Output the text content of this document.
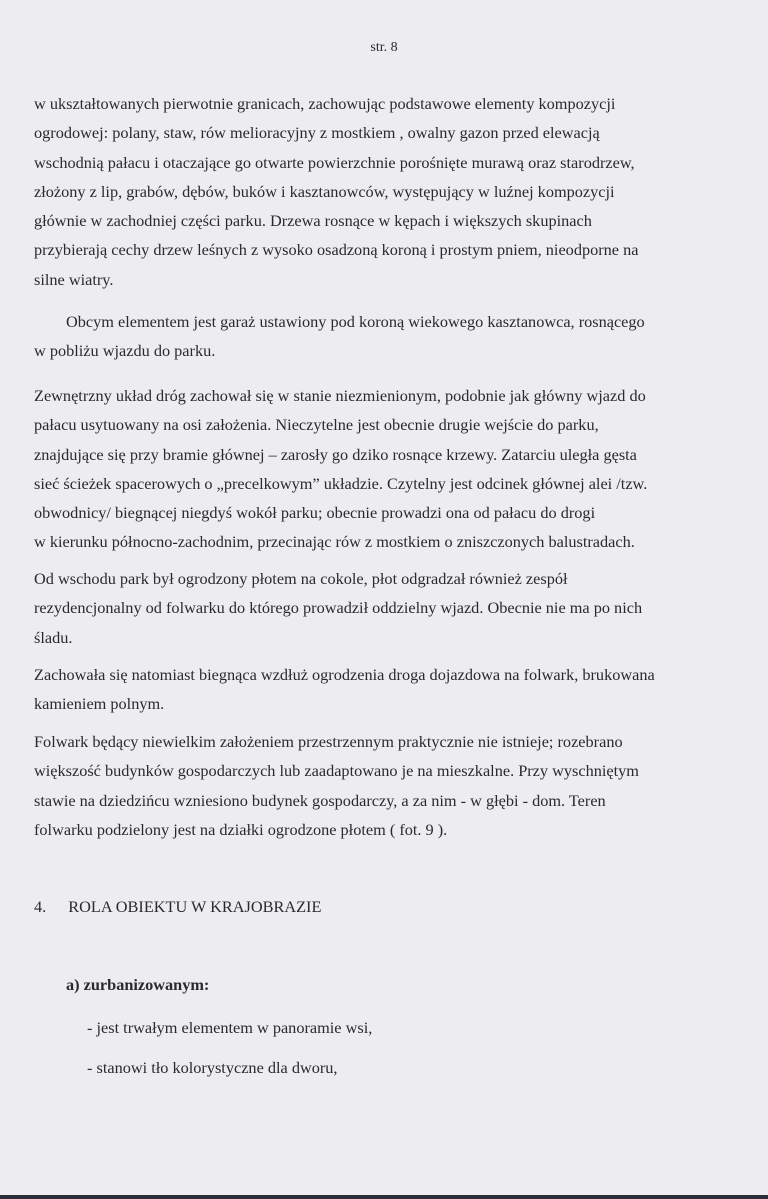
str. 8
w ukształtowanych pierwotnie granicach, zachowując podstawowe elementy kompozycji
ogrodowej: polany, staw, rów melioracyjny z mostkiem , owalny gazon przed elewacją
wschodnią pałacu i otaczające go otwarte powierzchnie porośnięte murawą oraz starodrzew,
złożony z lip, grabów, dębów, buków i kasztanowców, występujący w luźnej kompozycji
głównie w zachodniej części parku. Drzewa rosnące w kępach i większych skupinach
przybierają cechy drzew leśnych z wysoko osadzoną koroną i prostym pniem, nieodporne na
silne wiatry.
Obcym elementem jest garaż ustawiony pod koroną wiekowego kasztanowca, rosnącego
w pobliżu wjazdu do parku.
Zewnętrzny układ dróg zachował się w stanie niezmienionym, podobnie jak główny wjazd do
pałacu usytuowany na osi założenia. Nieczytelne jest obecnie drugie wejście do parku,
znajdujące się przy bramie głównej – zarosły go dziko rosnące krzewy. Zatarciu uległa gęsta
sieć ścieżek spacerowych o „precelkowym” układzie. Czytelny jest odcinek głównej alei /tzw.
obwodnicy/ biegnącej niegdyś wokół parku; obecnie prowadzi ona od pałacu do drogi
w kierunku północno-zachodnim, przecinając rów z mostkiem o zniszczonych balustradach.
Od wschodu park był ogrodzony płotem na cokole, płot odgradzał również zespół
rezydencjonalny od folwarku do którego prowadził oddzielny wjazd. Obecnie nie ma po nich
śladu.
Zachowała się natomiast biegnąca wzdłuż ogrodzenia droga dojazdowa na folwark, brukowana
kamieniem polnym.
Folwark będący niewielkim założeniem przestrzennym praktycznie nie istnieje; rozebrano
większość budynków gospodarczych lub zaadaptowano je na mieszkalne. Przy wyschniętym
stawie na dziedzińcu wzniesiono budynek gospodarczy, a za nim - w głębi - dom. Teren
folwarku podzielony jest na działki ogrodzone płotem ( fot. 9 ).
4. ROLA OBIEKTU W KRAJOBRAZIE
a) zurbanizowanym:
- jest trwałym elementem w panoramie wsi,
- stanowi tło kolorystyczne dla dworu,
